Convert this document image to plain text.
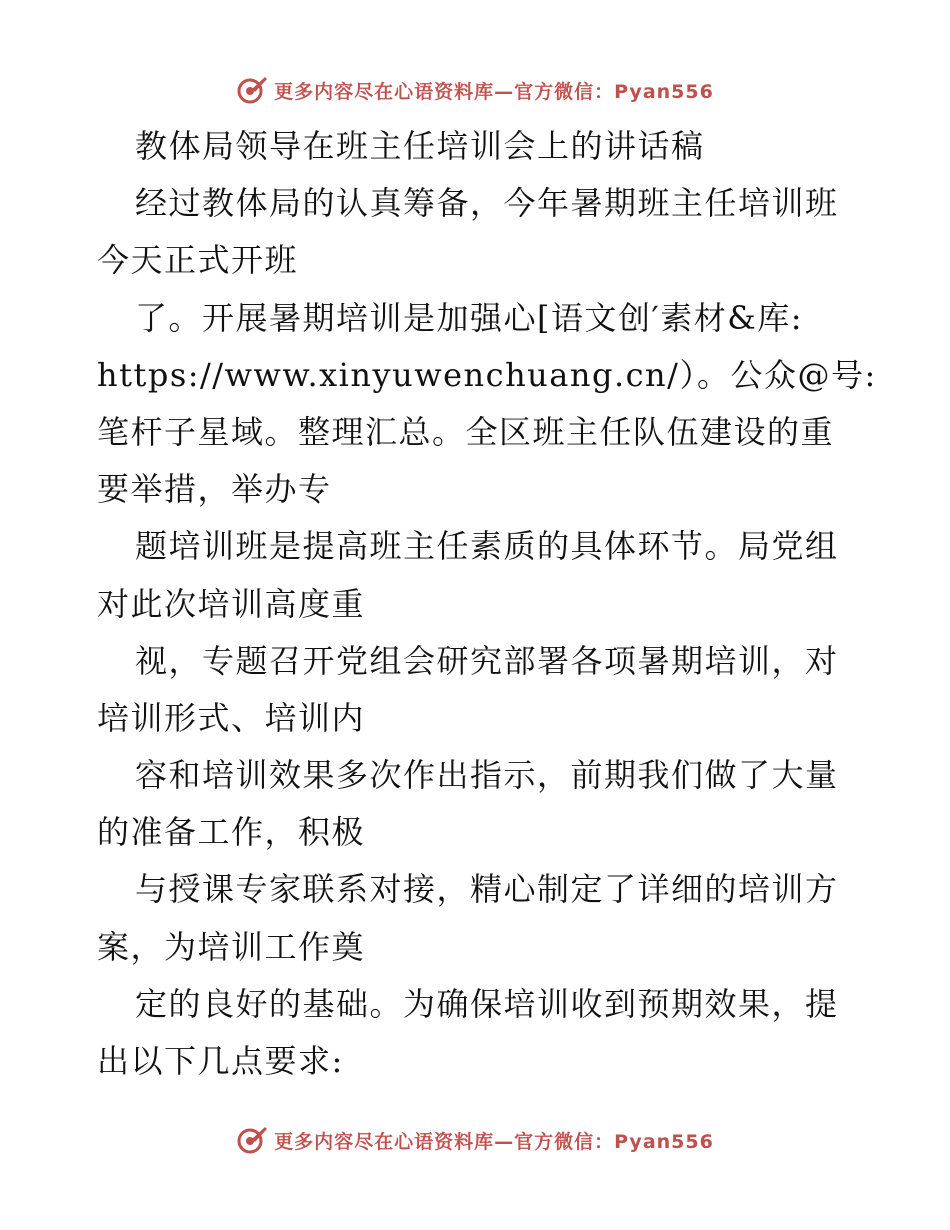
更多内容尽在心语资料库—官方微信：Pyan556
教体局领导在班主任培训会上的讲话稿
经过教体局的认真筹备，今年暑期班主任培训班
今天正式开班
了。开展暑期培训是加强心[语文创′素材&库:
https://www.xinyuwenchuang.cn/）。公众@号:
笔杆子星域。整理汇总。全区班主任队伍建设的重
要举措，举办专
题培训班是提高班主任素质的具体环节。局党组
对此次培训高度重
视，专题召开党组会研究部署各项暑期培训，对
培训形式、培训内
容和培训效果多次作出指示，前期我们做了大量
的准备工作，积极
与授课专家联系对接，精心制定了详细的培训方
案，为培训工作奠
定的良好的基础。为确保培训收到预期效果，提
出以下几点要求:
更多内容尽在心语资料库—官方微信：Pyan556
